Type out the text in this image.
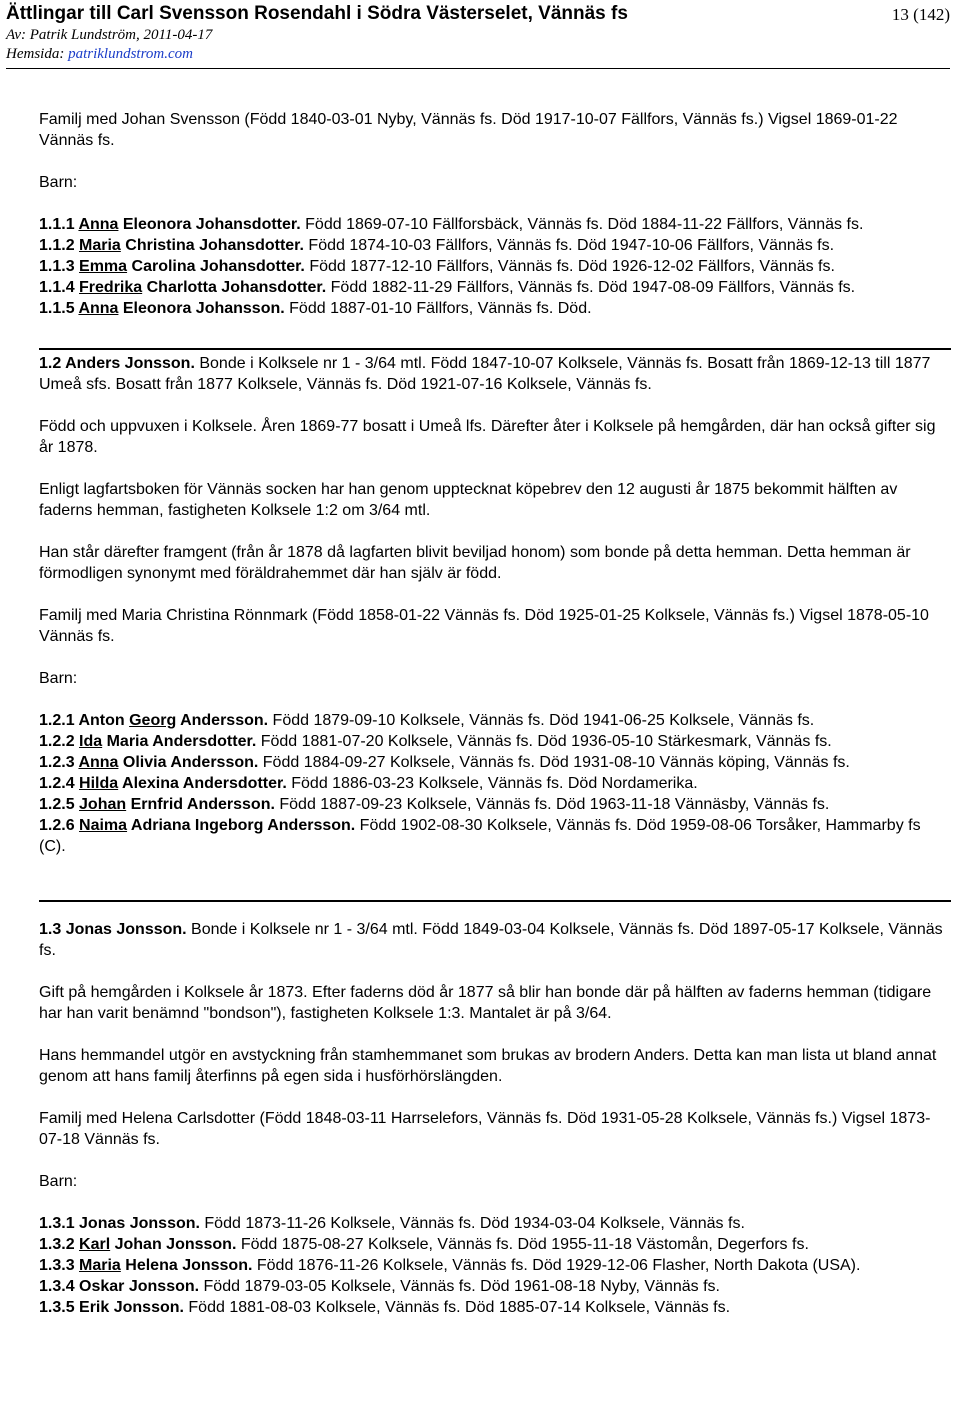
Ättlingar till Carl Svensson Rosendahl i Södra Västerselet, Vännäs fs	13 (142)
Av: Patrik Lundström, 2011-04-17
Hemsida: patriklundstrom.com

Familj med Johan Svensson (Född 1840-03-01 Nyby, Vännäs fs. Död 1917-10-07 Fällfors, Vännäs fs.) Vigsel 1869-01-22 Vännäs fs.

Barn:

1.1.1 Anna Eleonora Johansdotter. Född 1869-07-10 Fällforsbäck, Vännäs fs. Död 1884-11-22 Fällfors, Vännäs fs.

1.1.2 Maria Christina Johansdotter. Född 1874-10-03 Fällfors, Vännäs fs. Död 1947-10-06 Fällfors, Vännäs fs.

1.1.3 Emma Carolina Johansdotter. Född 1877-12-10 Fällfors, Vännäs fs. Död 1926-12-02 Fällfors, Vännäs fs.

1.1.4 Fredrika Charlotta Johansdotter. Född 1882-11-29 Fällfors, Vännäs fs. Död 1947-08-09 Fällfors, Vännäs fs.

1.1.5 Anna Eleonora Johansson. Född 1887-01-10 Fällfors, Vännäs fs. Död.

1.2 Anders Jonsson. Bonde i Kolksele nr 1 - 3/64 mtl. Född 1847-10-07 Kolksele, Vännäs fs. Bosatt från 1869-12-13 till 1877 Umeå sfs. Bosatt från 1877 Kolksele, Vännäs fs. Död 1921-07-16 Kolksele, Vännäs fs.

Född och uppvuxen i Kolksele. Åren 1869-77 bosatt i Umeå lfs. Därefter åter i Kolksele på hemgården, där han också gifter sig år 1878.

Enligt lagfartsboken för Vännäs socken har han genom upptecknat köpebrev den 12 augusti år 1875 bekommit hälften av faderns hemman, fastigheten Kolksele 1:2 om 3/64 mtl.

Han står därefter framgent (från år 1878 då lagfarten blivit beviljad honom) som bonde på detta hemman. Detta hemman är förmodligen synonymt med föräldrahemmet där han själv är född.

Familj med Maria Christina Rönnmark (Född 1858-01-22 Vännäs fs. Död 1925-01-25 Kolksele, Vännäs fs.) Vigsel 1878-05-10 Vännäs fs.

Barn:

1.2.1 Anton Georg Andersson. Född 1879-09-10 Kolksele, Vännäs fs. Död 1941-06-25 Kolksele, Vännäs fs.

1.2.2 Ida Maria Andersdotter. Född 1881-07-20 Kolksele, Vännäs fs. Död 1936-05-10 Stärkesmark, Vännäs fs.

1.2.3 Anna Olivia Andersson. Född 1884-09-27 Kolksele, Vännäs fs. Död 1931-08-10 Vännäs köping, Vännäs fs.

1.2.4 Hilda Alexina Andersdotter. Född 1886-03-23 Kolksele, Vännäs fs. Död Nordamerika.

1.2.5 Johan Ernfrid Andersson. Född 1887-09-23 Kolksele, Vännäs fs. Död 1963-11-18 Vännäsby, Vännäs fs.

1.2.6 Naima Adriana Ingeborg Andersson. Född 1902-08-30 Kolksele, Vännäs fs. Död 1959-08-06 Torsåker, Hammarby fs (C).

1.3 Jonas Jonsson. Bonde i Kolksele nr 1 - 3/64 mtl. Född 1849-03-04 Kolksele, Vännäs fs. Död 1897-05-17 Kolksele, Vännäs fs.

Gift på hemgården i Kolksele år 1873. Efter faderns död år 1877 så blir han bonde där på hälften av faderns hemman (tidigare har han varit benämnd "bondson"), fastigheten Kolksele 1:3. Mantalet är på 3/64.

Hans hemmandel utgör en avstyckning från stamhemmanet som brukas av brodern Anders. Detta kan man lista ut bland annat genom att hans familj återfinns på egen sida i husförhörslängden.

Familj med Helena Carlsdotter (Född 1848-03-11 Harrselefors, Vännäs fs. Död 1931-05-28 Kolksele, Vännäs fs.) Vigsel 1873-07-18 Vännäs fs.

Barn:

1.3.1 Jonas Jonsson. Född 1873-11-26 Kolksele, Vännäs fs. Död 1934-03-04 Kolksele, Vännäs fs.

1.3.2 Karl Johan Jonsson. Född 1875-08-27 Kolksele, Vännäs fs. Död 1955-11-18 Västomån, Degerfors fs.

1.3.3 Maria Helena Jonsson. Född 1876-11-26 Kolksele, Vännäs fs. Död 1929-12-06 Flasher, North Dakota (USA).

1.3.4 Oskar Jonsson. Född 1879-03-05 Kolksele, Vännäs fs. Död 1961-08-18 Nyby, Vännäs fs.

1.3.5 Erik Jonsson. Född 1881-08-03 Kolksele, Vännäs fs. Död 1885-07-14 Kolksele, Vännäs fs.
